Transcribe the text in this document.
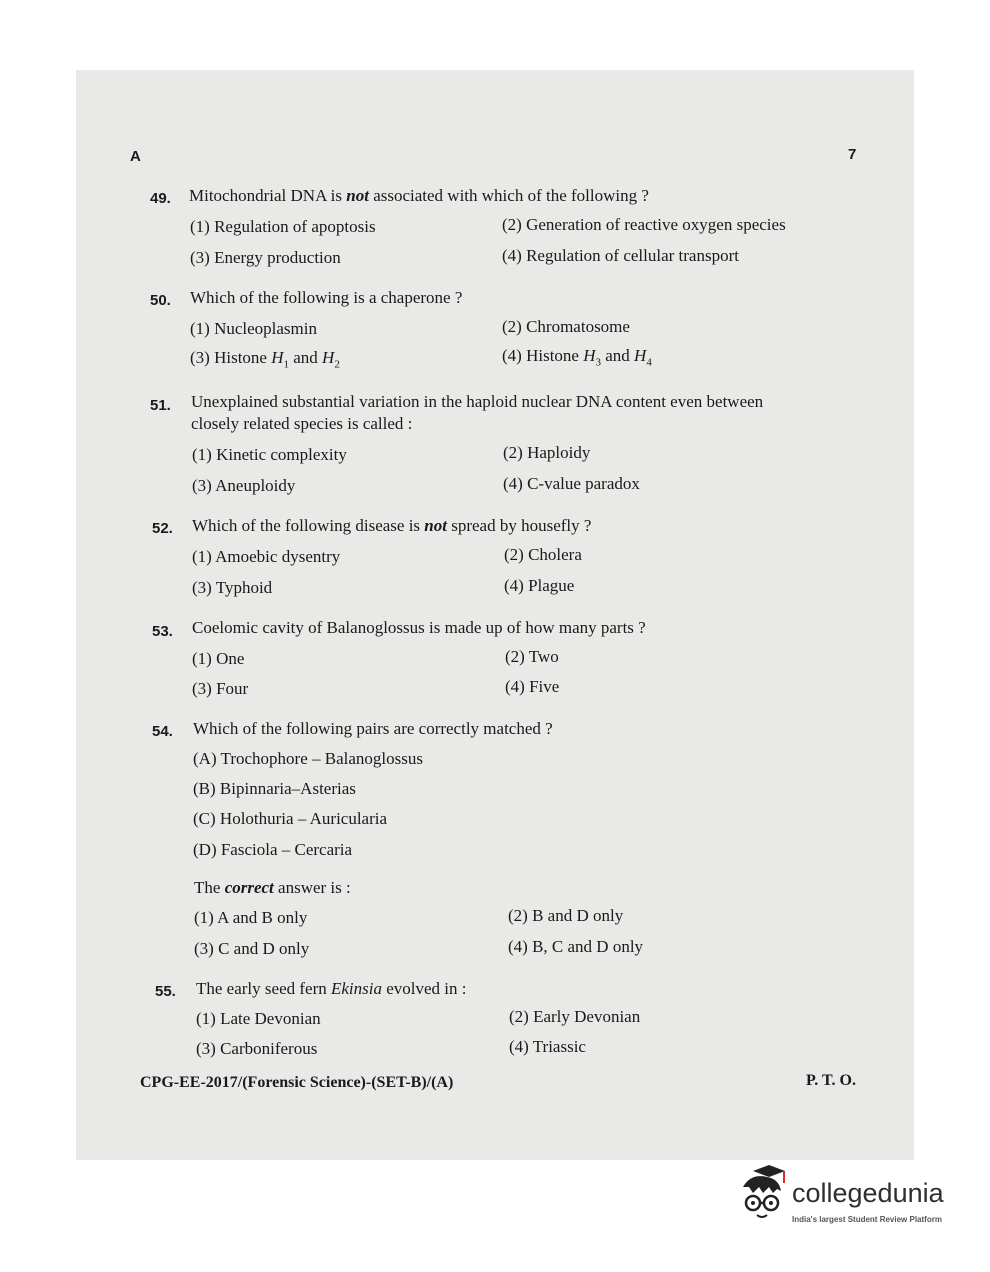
A	7
49. Mitochondrial DNA is not associated with which of the following ?
(1) Regulation of apoptosis	(2) Generation of reactive oxygen species
(3) Energy production	(4) Regulation of cellular transport
50. Which of the following is a chaperone ?
(1) Nucleoplasmin	(2) Chromatosome
(3) Histone $H_1$ and $H_2$	(4) Histone $H_3$ and $H_4$
51. Unexplained substantial variation in the haploid nuclear DNA content even between
closely related species is called :
(1) Kinetic complexity	(2) Haploidy
(3) Aneuploidy	(4) C-value paradox
52. Which of the following disease is not spread by housefly ?
(1) Amoebic dysentry	(2) Cholera
(3) Typhoid	(4) Plague
53. Coelomic cavity of Balanoglossus is made up of how many parts ?
(1) One	(2) Two
(3) Four	(4) Five
54. Which of the following pairs are correctly matched ?
(A) Trochophore – Balanoglossus
(B) Bipinnaria–Asterias
(C) Holothuria – Auricularia
(D) Fasciola – Cercaria
The correct answer is :
(1) A and B only	(2) B and D only
(3) C and D only	(4) B, C and D only
55. The early seed fern Ekinsia evolved in :
(1) Late Devonian	(2) Early Devonian
(3) Carboniferous	(4) Triassic
CPG-EE-2017/(Forensic Science)-(SET-B)/(A)	P. T. O.
collegedunia
India's largest Student Review Platform
